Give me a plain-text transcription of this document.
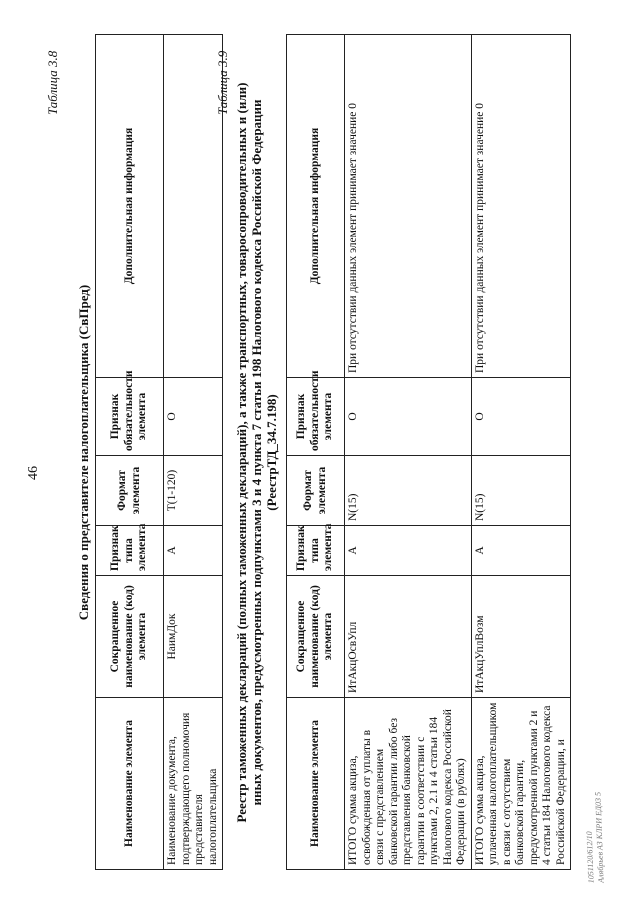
46
Таблица 3.8
Сведения о представителе налогоплательщика (СвПред)
Наименование элемента	Сокращенное наименование (код) элемента	Признак типа элемента	Формат элемента	Признак обязательности элемента	Дополнительная информация
Наименование документа, подтверждающего полномочия представителя налогоплательщика	НаимДок	А	T(1-120)	О	
Таблица 3.9 Реестр таможенных деклараций (полных таможенных деклараций), а также транспортных, товаросопроводительных и (или) иных документов, предусмотренных подпунктами 3 и 4 пункта 7 статьи 198 Налогового кодекса Российской Федерации (РеестрТД_34.7.198)
Наименование элемента	Сокращенное наименование (код) элемента	Признак типа элемента	Формат элемента	Признак обязательности элемента	Дополнительная информация
ИТОГО сумма акциза, освобожденная от уплаты в связи с представлением банковской гарантии либо без представления банковской гарантии в соответствии с пунктами 2, 2.1 и 4 статьи 184 Налогового кодекса Российской Федерации (в рублях)	ИтАкцОсвУпл	А	N(15)	О	При отсутствии данных элемент принимает значение 0
ИТОГО сумма акциза, уплаченная налогоплательщиком в связи с отсутствием банковской гарантии, предусмотренной пунктами 2 и 4 статьи 184 Налогового кодекса Российской Федерации, и	ИтАкцУплВозм	А	N(15)	О	При отсутствии данных элемент принимает значение 0
1051120/612/10
Алябрьев АЗ КЛРИ ЕД03 5
